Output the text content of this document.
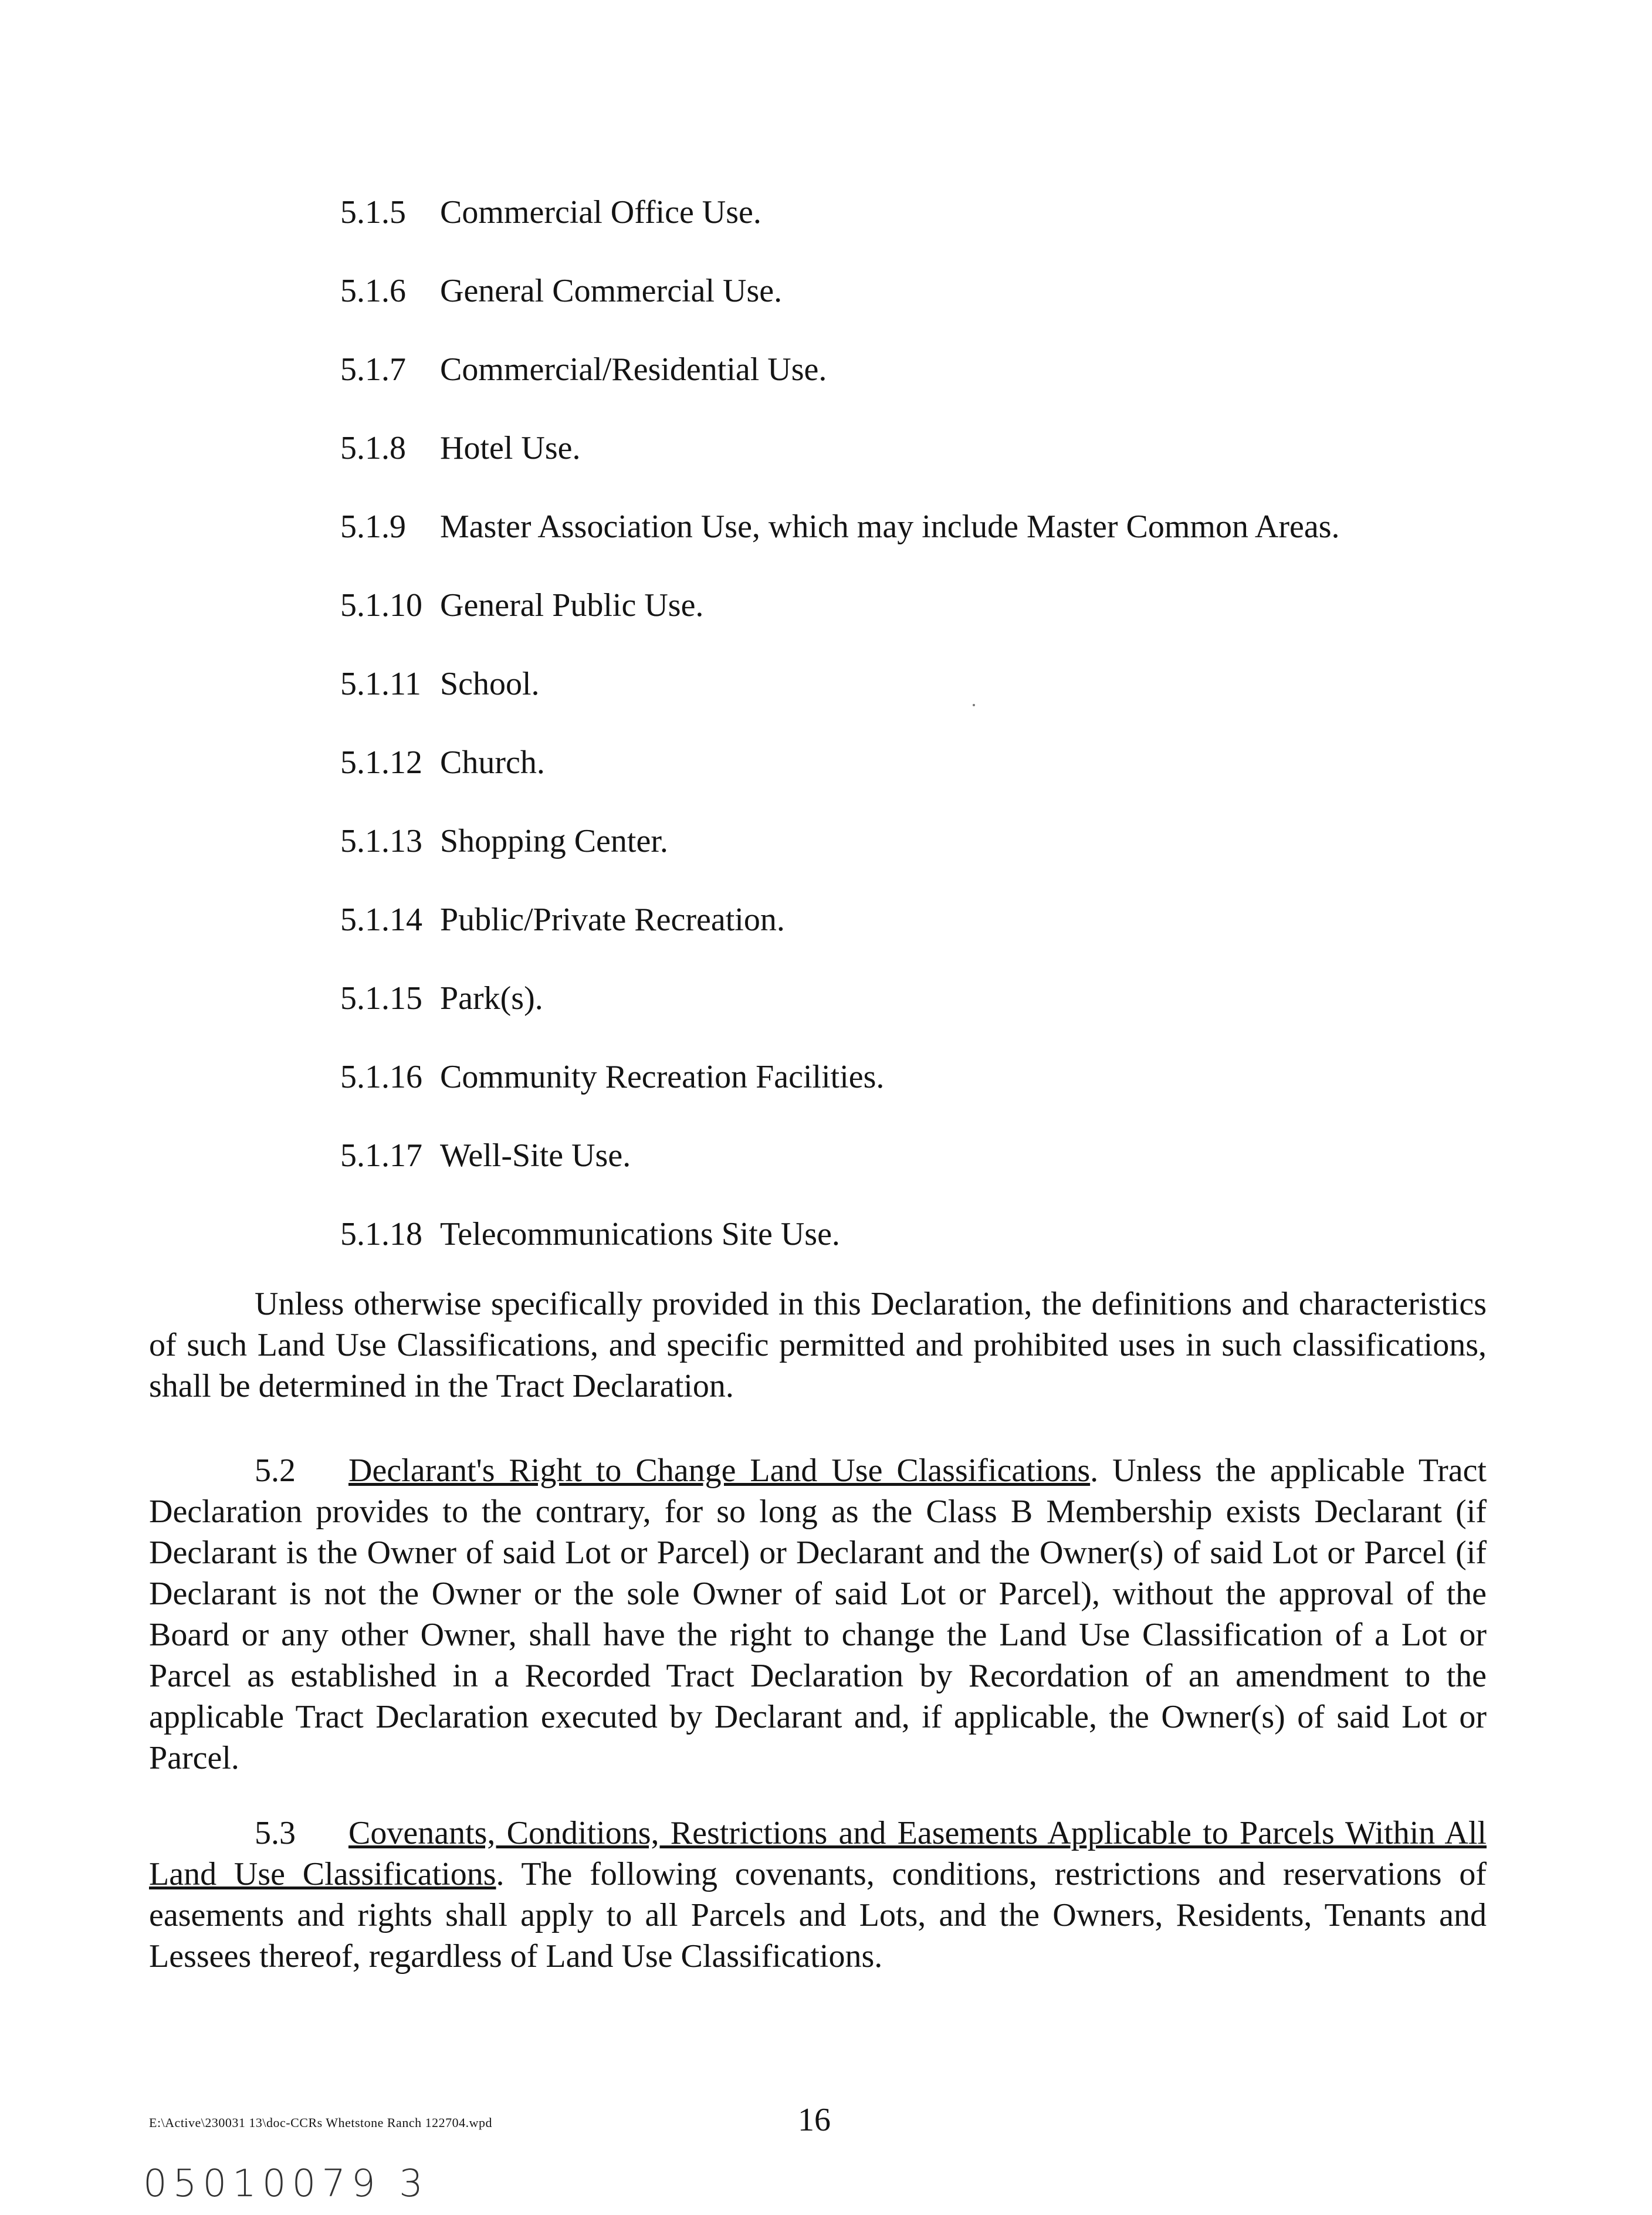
5.1.5 Commercial Office Use.
5.1.6 General Commercial Use.
5.1.7 Commercial/Residential Use.
5.1.8 Hotel Use.
5.1.9 Master Association Use, which may include Master Common Areas.
5.1.10 General Public Use.
5.1.11 School.
5.1.12 Church.
5.1.13 Shopping Center.
5.1.14 Public/Private Recreation.
5.1.15 Park(s).
5.1.16 Community Recreation Facilities.
5.1.17 Well-Site Use.
5.1.18 Telecommunications Site Use.
Unless otherwise specifically provided in this Declaration, the definitions and characteristics of such Land Use Classifications, and specific permitted and prohibited uses in such classifications, shall be determined in the Tract Declaration.
5.2 Declarant's Right to Change Land Use Classifications. Unless the applicable Tract Declaration provides to the contrary, for so long as the Class B Membership exists Declarant (if Declarant is the Owner of said Lot or Parcel) or Declarant and the Owner(s) of said Lot or Parcel (if Declarant is not the Owner or the sole Owner of said Lot or Parcel), without the approval of the Board or any other Owner, shall have the right to change the Land Use Classification of a Lot or Parcel as established in a Recorded Tract Declaration by Recordation of an amendment to the applicable Tract Declaration executed by Declarant and, if applicable, the Owner(s) of said Lot or Parcel.
5.3 Covenants, Conditions, Restrictions and Easements Applicable to Parcels Within All Land Use Classifications. The following covenants, conditions, restrictions and reservations of easements and rights shall apply to all Parcels and Lots, and the Owners, Residents, Tenants and Lessees thereof, regardless of Land Use Classifications.
E:\Active\230031 13\doc-CCRs Whetstone Ranch 122704.wpd	16
05010079 3
